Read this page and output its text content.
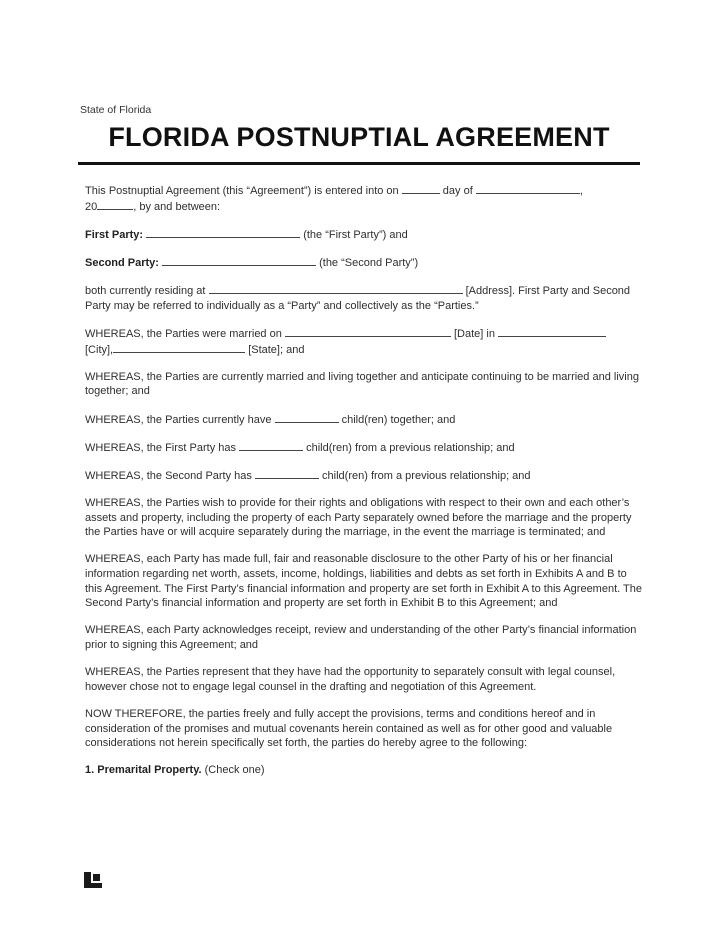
State of Florida
FLORIDA POSTNUPTIAL AGREEMENT

This Postnuptial Agreement (this “Agreement”) is entered into on	day of	,
20	, by and between:

First Party:	(the “First Party”) and

Second Party:	(the “Second Party”)

both currently residing at	[Address]. First Party and Second Party may be referred to individually as a “Party” and collectively as the “Parties.”

WHEREAS, the Parties were married on	[Date] in
[City],	[State]; and

WHEREAS, the Parties are currently married and living together and anticipate continuing to be married and living together; and

WHEREAS, the Parties currently have	child(ren) together; and

WHEREAS, the First Party has	child(ren) from a previous relationship; and

WHEREAS, the Second Party has	child(ren) from a previous relationship; and

WHEREAS, the Parties wish to provide for their rights and obligations with respect to their own and each other’s assets and property, including the property of each Party separately owned before the marriage and the property the Parties have or will acquire separately during the marriage, in the event the marriage is terminated; and

WHEREAS, each Party has made full, fair and reasonable disclosure to the other Party of his or her financial information regarding net worth, assets, income, holdings, liabilities and debts as set forth in Exhibits A and B to this Agreement. The First Party’s financial information and property are set forth in Exhibit A to this Agreement. The Second Party’s financial information and property are set forth in Exhibit B to this Agreement; and

WHEREAS, each Party acknowledges receipt, review and understanding of the other Party’s financial information prior to signing this Agreement; and

WHEREAS, the Parties represent that they have had the opportunity to separately consult with legal counsel, however chose not to engage legal counsel in the drafting and negotiation of this Agreement.

NOW THEREFORE, the parties freely and fully accept the provisions, terms and conditions hereof and in consideration of the promises and mutual covenants herein contained as well as for other good and valuable considerations not herein specifically set forth, the parties do hereby agree to the following:

1. Premarital Property. (Check one)
